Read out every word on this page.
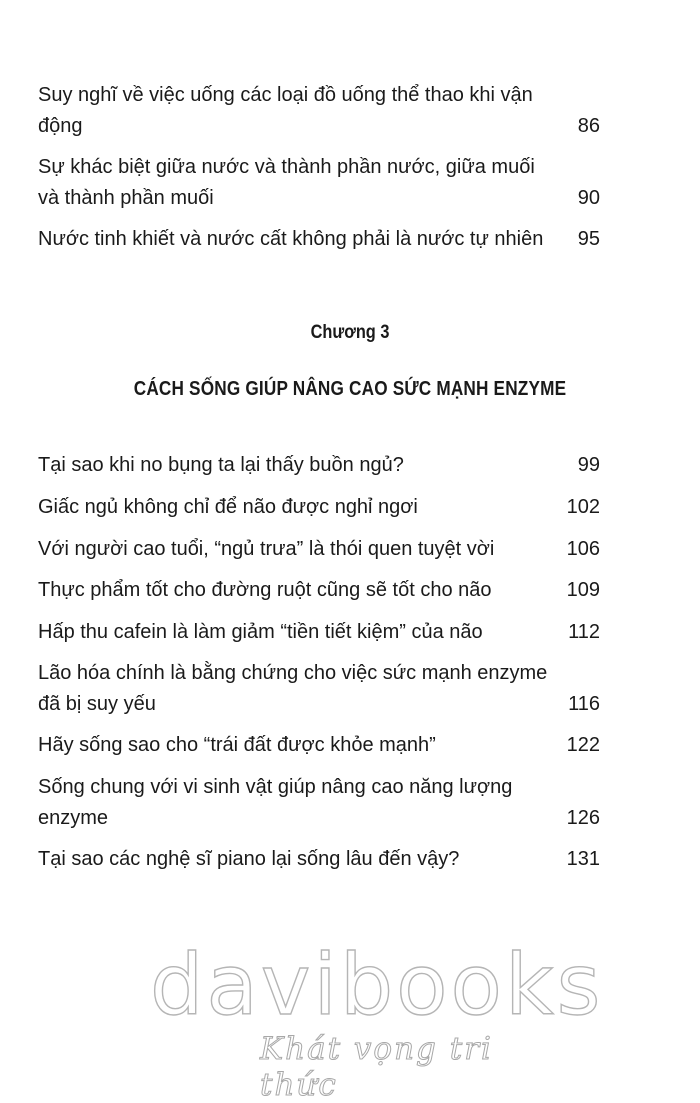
Suy nghĩ về việc uống các loại đồ uống thể thao khi vận động	86
Sự khác biệt giữa nước và thành phần nước, giữa muối và thành phần muối	90
Nước tinh khiết và nước cất không phải là nước tự nhiên	95
Chương 3
CÁCH SỐNG GIÚP NÂNG CAO SỨC MẠNH ENZYME
Tại sao khi no bụng ta lại thấy buồn ngủ?	99
Giấc ngủ không chỉ để não được nghỉ ngơi	102
Với người cao tuổi, “ngủ trưa” là thói quen tuyệt vời	106
Thực phẩm tốt cho đường ruột cũng sẽ tốt cho não	109
Hấp thu cafein là làm giảm “tiền tiết kiệm” của não	112
Lão hóa chính là bằng chứng cho việc sức mạnh enzyme đã bị suy yếu	116
Hãy sống sao cho “trái đất được khỏe mạnh”	122
Sống chung với vi sinh vật giúp nâng cao năng lượng enzyme	126
Tại sao các nghệ sĩ piano lại sống lâu đến vậy?	131
davibooks
Khát vọng tri thức
